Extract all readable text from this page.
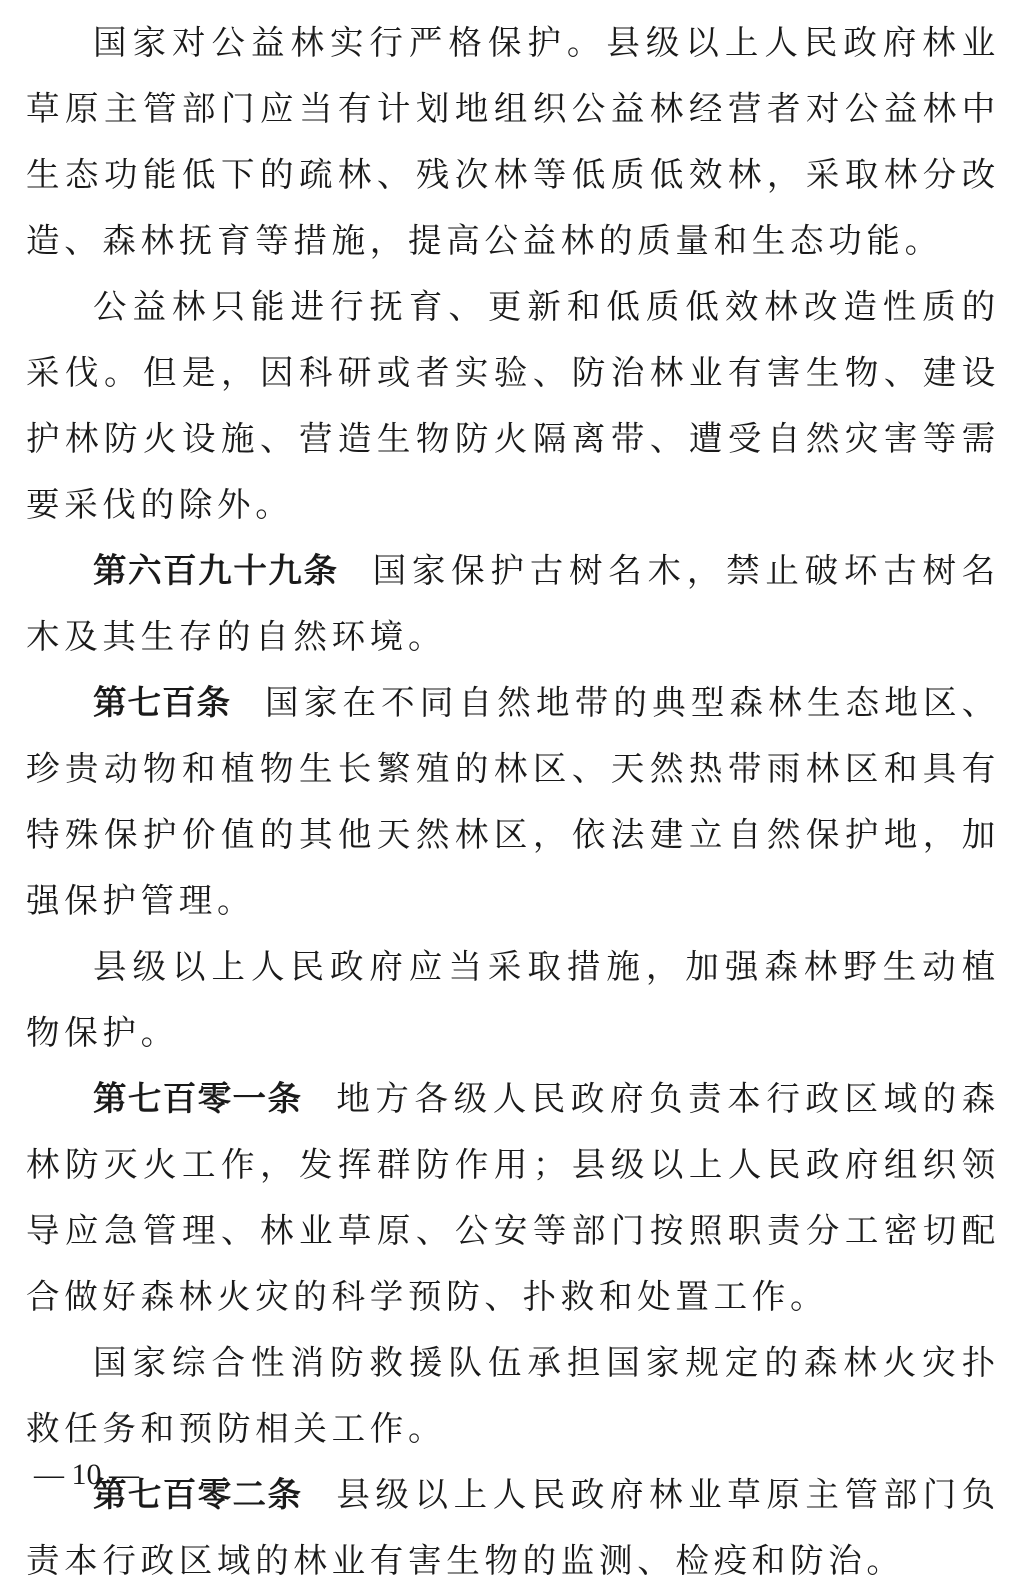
国家对公益林实行严格保护。县级以上人民政府林业草原主管部门应当有计划地组织公益林经营者对公益林中生态功能低下的疏林、残次林等低质低效林，采取林分改造、森林抚育等措施，提高公益林的质量和生态功能。

公益林只能进行抚育、更新和低质低效林改造性质的采伐。但是，因科研或者实验、防治林业有害生物、建设护林防火设施、营造生物防火隔离带、遭受自然灾害等需要采伐的除外。

第六百九十九条 国家保护古树名木，禁止破坏古树名木及其生存的自然环境。

第七百条 国家在不同自然地带的典型森林生态地区、珍贵动物和植物生长繁殖的林区、天然热带雨林区和具有特殊保护价值的其他天然林区，依法建立自然保护地，加强保护管理。

县级以上人民政府应当采取措施，加强森林野生动植物保护。

第七百零一条 地方各级人民政府负责本行政区域的森林防灭火工作，发挥群防作用；县级以上人民政府组织领导应急管理、林业草原、公安等部门按照职责分工密切配合做好森林火灾的科学预防、扑救和处置工作。

国家综合性消防救援队伍承担国家规定的森林火灾扑救任务和预防相关工作。

第七百零二条 县级以上人民政府林业草原主管部门负责本行政区域的林业有害生物的监测、检疫和防治。

— 10 —
